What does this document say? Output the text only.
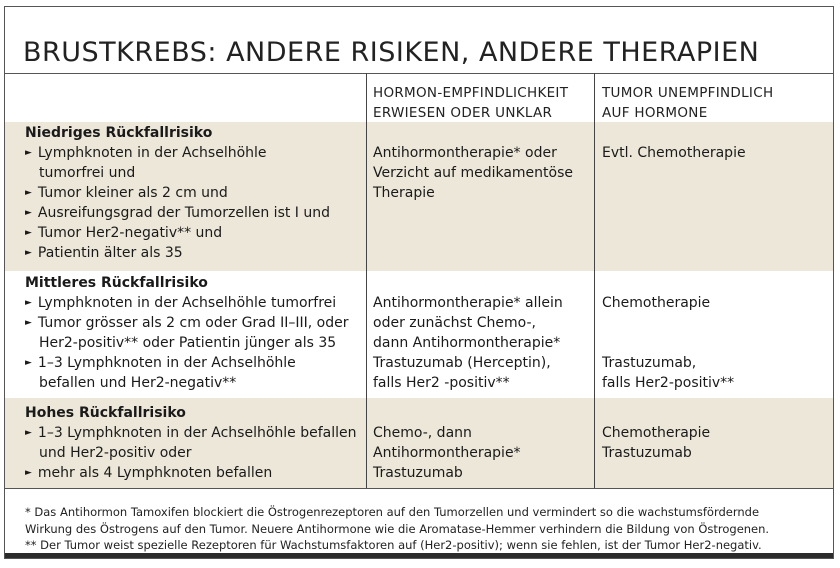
BRUSTKREBS: ANDERE RISIKEN, ANDERE THERAPIEN
HORMON-EMPFINDLICHKEIT
ERWIESEN ODER UNKLAR
TUMOR UNEMPFINDLICH
AUF HORMONE
Niedriges Rückfallrisiko
► Lymphknoten in der Achselhöhle
tumorfrei und
► Tumor kleiner als 2 cm und
► Ausreifungsgrad der Tumorzellen ist I und
► Tumor Her2-negativ** und
► Patientin älter als 35
Antihormontherapie* oder
Verzicht auf medikamentöse
Therapie
Evtl. Chemotherapie
Mittleres Rückfallrisiko
► Lymphknoten in der Achselhöhle tumorfrei
► Tumor grösser als 2 cm oder Grad II–III, oder
Her2-positiv** oder Patientin jünger als 35
► 1–3 Lymphknoten in der Achselhöhle
befallen und Her2-negativ**
Antihormontherapie* allein
oder zunächst Chemo-,
dann Antihormontherapie*
Trastuzumab (Herceptin),
falls Her2 -positiv**
Chemotherapie
Trastuzumab,
falls Her2-positiv**
Hohes Rückfallrisiko
► 1–3 Lymphknoten in der Achselhöhle befallen
und Her2-positiv oder
► mehr als 4 Lymphknoten befallen
Chemo-, dann
Antihormontherapie*
Trastuzumab
Chemotherapie
Trastuzumab
* Das Antihormon Tamoxifen blockiert die Östrogenrezeptoren auf den Tumorzellen und vermindert so die wachstumsfördernde
Wirkung des Östrogens auf den Tumor. Neuere Antihormone wie die Aromatase-Hemmer verhindern die Bildung von Östrogenen.
** Der Tumor weist spezielle Rezeptoren für Wachstumsfaktoren auf (Her2-positiv); wenn sie fehlen, ist der Tumor Her2-negativ.
